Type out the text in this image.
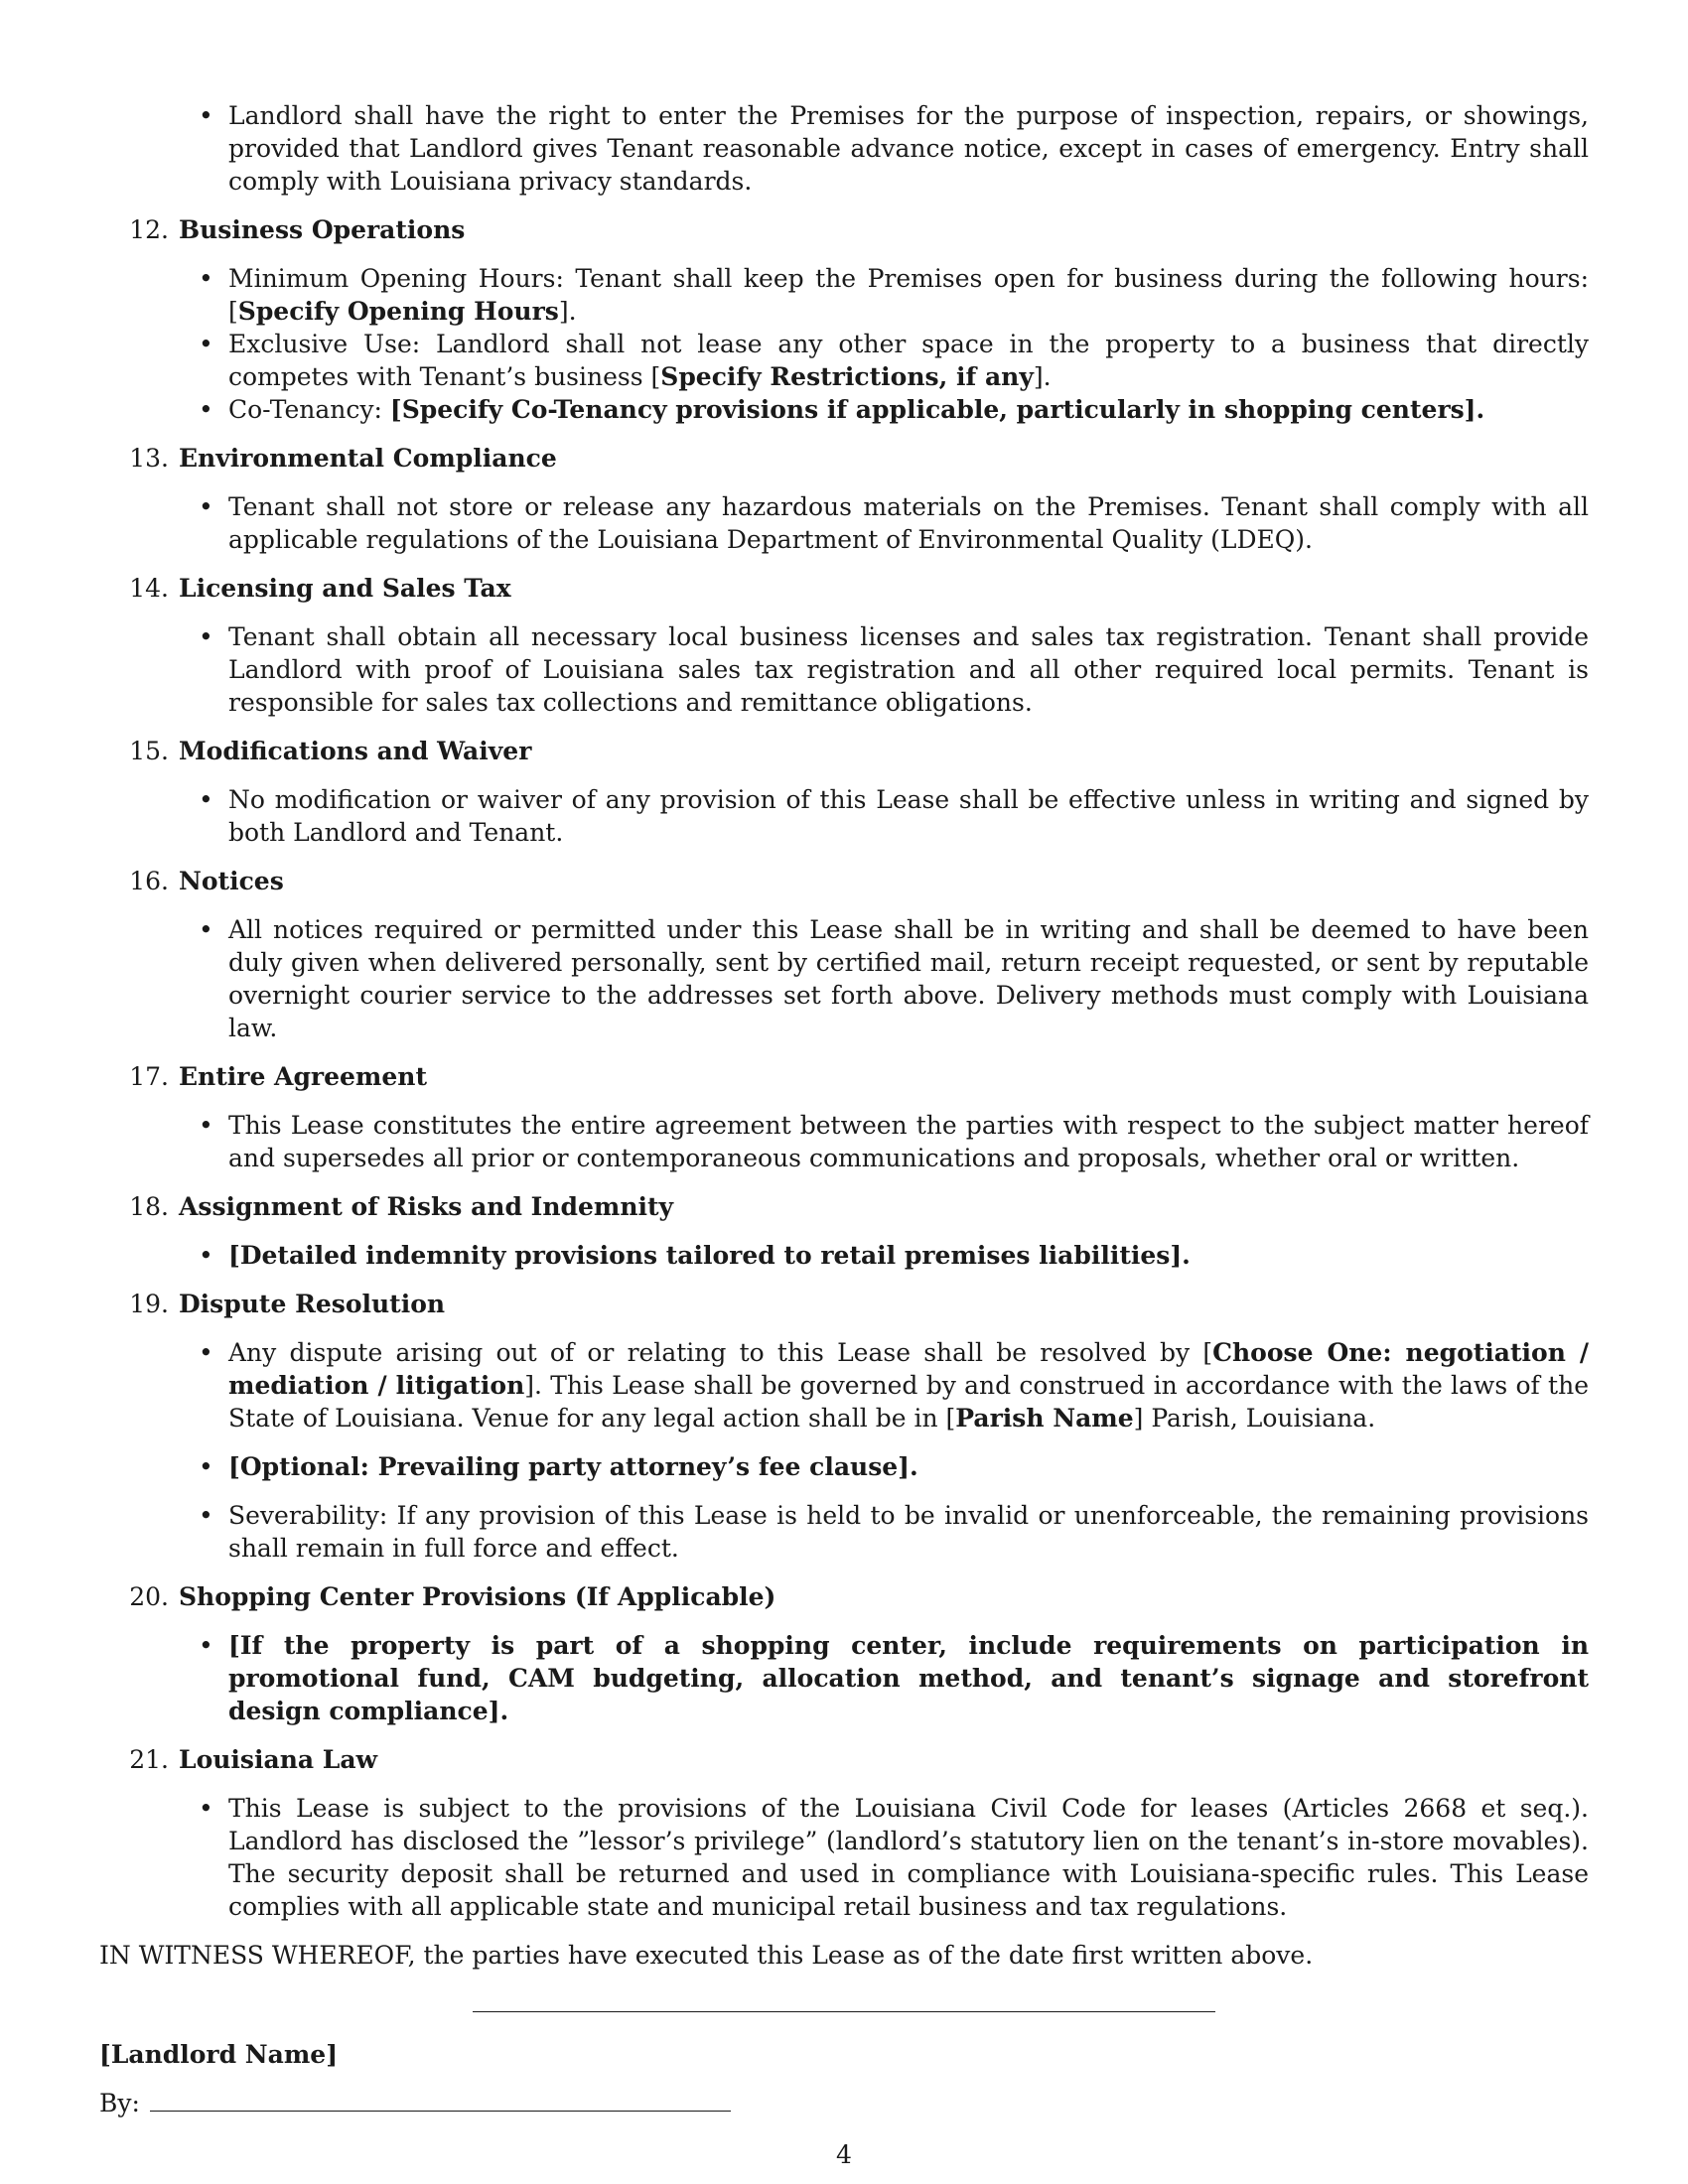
• Landlord shall have the right to enter the Premises for the purpose of inspection, repairs, or showings, provided that Landlord gives Tenant reasonable advance notice, except in cases of emergency. Entry shall comply with Louisiana privacy standards.
12. Business Operations
• Minimum Opening Hours: Tenant shall keep the Premises open for business during the following hours: [Specify Opening Hours].
• Exclusive Use: Landlord shall not lease any other space in the property to a business that directly competes with Tenant’s business [Specify Restrictions, if any].
• Co-Tenancy: [Specify Co-Tenancy provisions if applicable, particularly in shopping centers].
13. Environmental Compliance
• Tenant shall not store or release any hazardous materials on the Premises. Tenant shall comply with all applicable regulations of the Louisiana Department of Environmental Quality (LDEQ).
14. Licensing and Sales Tax
• Tenant shall obtain all necessary local business licenses and sales tax registration. Tenant shall provide Landlord with proof of Louisiana sales tax registration and all other required local permits. Tenant is responsible for sales tax collections and remittance obligations.
15. Modifications and Waiver
• No modification or waiver of any provision of this Lease shall be effective unless in writing and signed by both Landlord and Tenant.
16. Notices
• All notices required or permitted under this Lease shall be in writing and shall be deemed to have been duly given when delivered personally, sent by certified mail, return receipt requested, or sent by reputable overnight courier service to the addresses set forth above. Delivery methods must comply with Louisiana law.
17. Entire Agreement
• This Lease constitutes the entire agreement between the parties with respect to the subject matter hereof and supersedes all prior or contemporaneous communications and proposals, whether oral or written.
18. Assignment of Risks and Indemnity
• [Detailed indemnity provisions tailored to retail premises liabilities].
19. Dispute Resolution
• Any dispute arising out of or relating to this Lease shall be resolved by [Choose One: negotiation / mediation / litigation]. This Lease shall be governed by and construed in accordance with the laws of the State of Louisiana. Venue for any legal action shall be in [Parish Name] Parish, Louisiana.
• [Optional: Prevailing party attorney’s fee clause].
• Severability: If any provision of this Lease is held to be invalid or unenforceable, the remaining provisions shall remain in full force and effect.
20. Shopping Center Provisions (If Applicable)
• [If the property is part of a shopping center, include requirements on participation in promotional fund, CAM budgeting, allocation method, and tenant’s signage and storefront design compliance].
21. Louisiana Law
• This Lease is subject to the provisions of the Louisiana Civil Code for leases (Articles 2668 et seq.). Landlord has disclosed the ”lessor’s privilege” (landlord’s statutory lien on the tenant’s in-store movables). The security deposit shall be returned and used in compliance with Louisiana-specific rules. This Lease complies with all applicable state and municipal retail business and tax regulations.
IN WITNESS WHEREOF, the parties have executed this Lease as of the date first written above.
[Landlord Name]
By:
4
